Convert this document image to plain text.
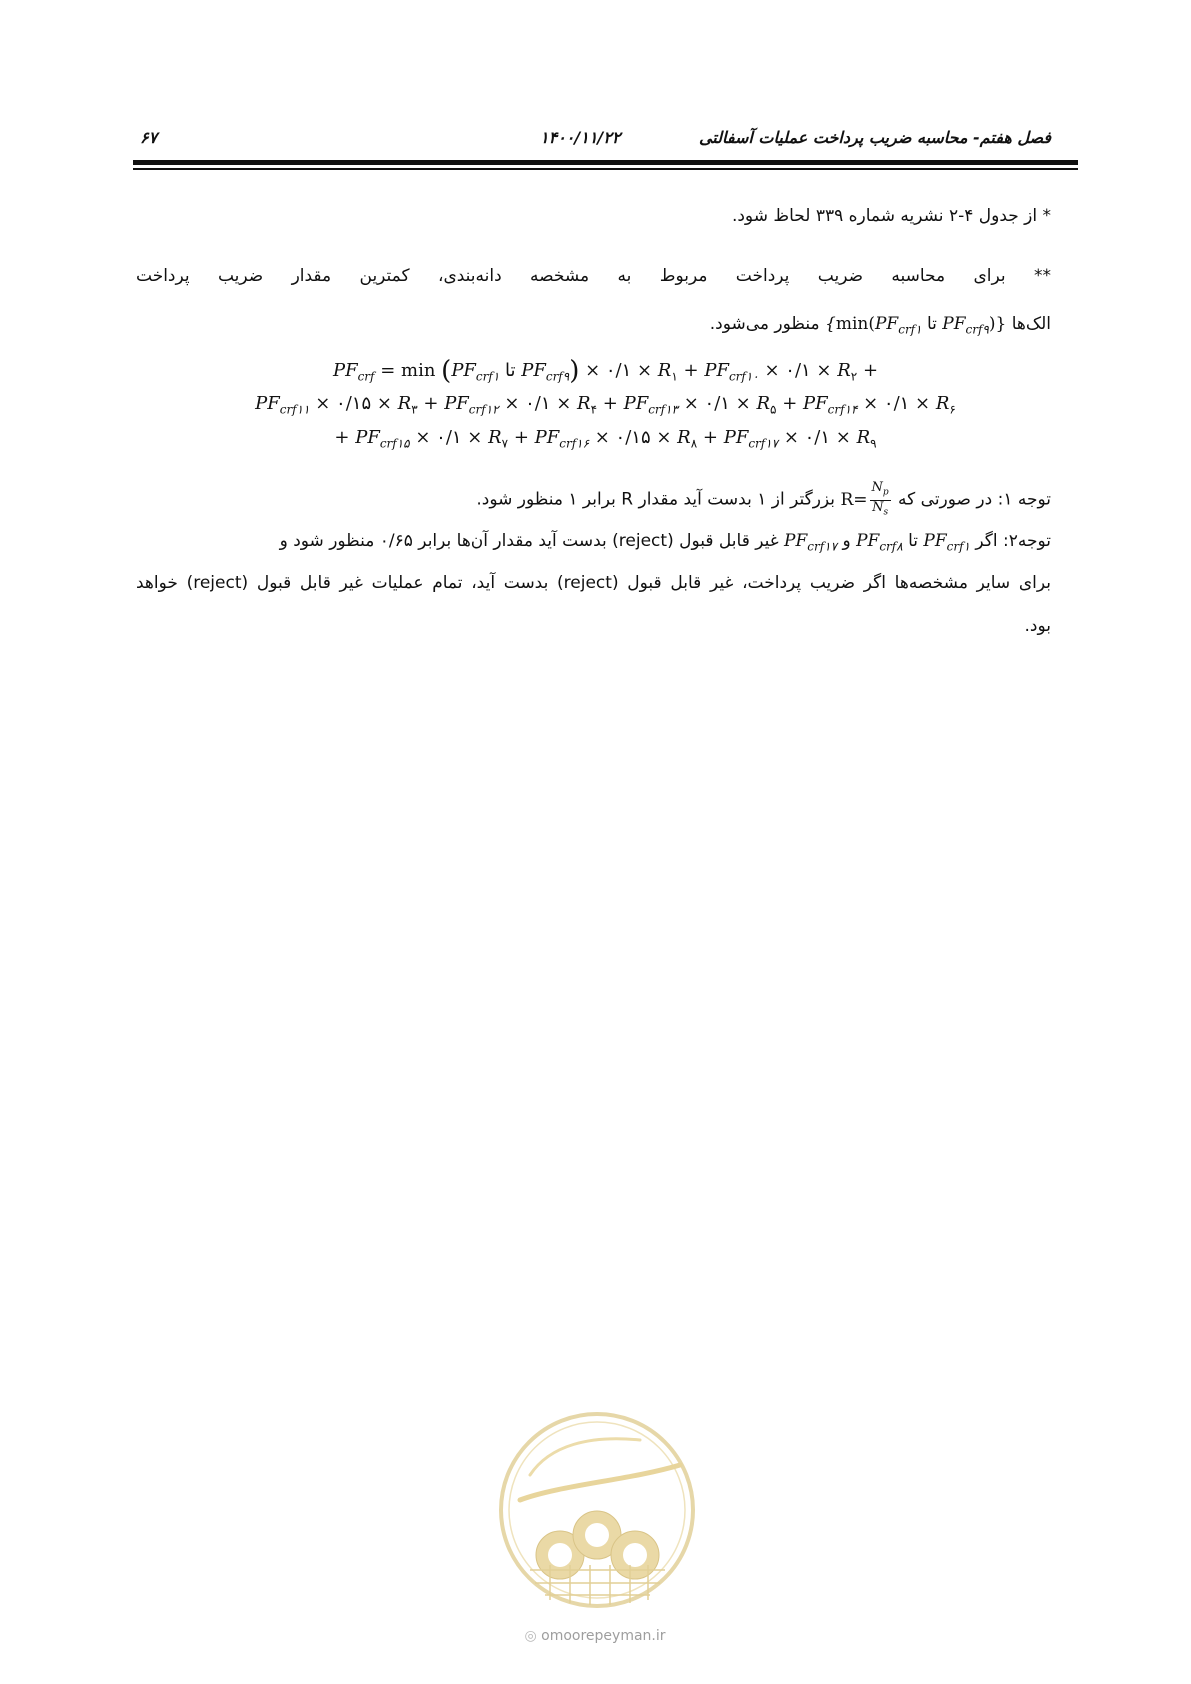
فصل هفتم- محاسبه ضریب پرداخت عملیات آسفالتی
۱۴۰۰/۱۱/۲۲
۶۷
* از جدول ۴-۲ نشریه شماره ۳۳۹ لحاظ شود.
** برای محاسبه ضریب پرداخت مربوط به مشخصه دانه‌بندی، کمترین مقدار ضریب پرداخت
الک‌ها {$\min(PF_{crf۱}$ تا $PF_{crf۹}$)} منظور می‌شود.
$PF_{crf} = \min (PF_{crf۱}$ تا $PF_{crf۹}$) × ۰/۱ × $R_۱ + PF_{crf۱۰}$ × ۰/۱ × $R_۲$ +
$PF_{crf۱۱}$ × ۰/۱۵ × $R_۳ + PF_{crf۱۲}$ × ۰/۱ × $R_۴ + PF_{crf۱۳}$ × ۰/۱ × $R_۵ + PF_{crf۱۴}$ × ۰/۱ × $R_۶$
+ $PF_{crf۱۵}$ × ۰/۱ × $R_۷ + PF_{crf۱۶}$ × ۰/۱۵ × $R_۸ + PF_{crf۱۷}$ × ۰/۱ × $R_۹$
توجه ۱: در صورتی که $R= \frac{N_p}{N_s}$
بزرگتر از ۱ بدست آید مقدار R برابر ۱ منظور شود.
توجه۲: اگر $PF_{crf۱}$ تا $PF_{crf۸}$ و $PF_{crf۱۷}$ غیر قابل قبول (reject) بدست آید مقدار آن‌ها برابر ۰/۶۵ منظور شود و
برای سایر مشخصه‌ها اگر ضریب پرداخت، غیر قابل قبول (reject) بدست آید، تمام عملیات غیر قابل قبول (reject) خواهد
بود.
◎ omoorepeyman.ir
